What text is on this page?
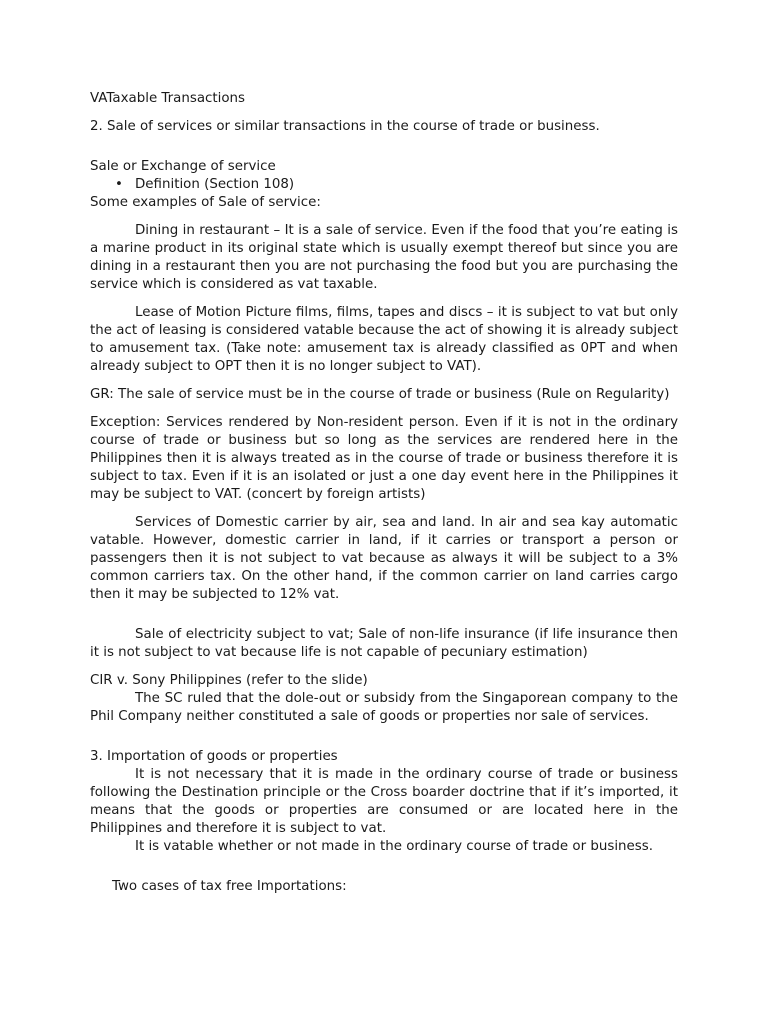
VATaxable Transactions

2. Sale of services or similar transactions in the course of trade or business.

Sale or Exchange of service

• Definition (Section 108)

Some examples of Sale of service:

Dining in restaurant – It is a sale of service. Even if the food that you’re eating is a marine product in its original state which is usually exempt thereof but since you are dining in a restaurant then you are not purchasing the food but you are purchasing the service which is considered as vat taxable.

Lease of Motion Picture films, films, tapes and discs – it is subject to vat but only the act of leasing is considered vatable because the act of showing it is already subject to amusement tax. (Take note: amusement tax is already classified as 0PT and when already subject to OPT then it is no longer subject to VAT).

GR: The sale of service must be in the course of trade or business (Rule on Regularity)

Exception: Services rendered by Non-resident person. Even if it is not in the ordinary course of trade or business but so long as the services are rendered here in the Philippines then it is always treated as in the course of trade or business therefore it is subject to tax. Even if it is an isolated or just a one day event here in the Philippines it may be subject to VAT. (concert by foreign artists)

Services of Domestic carrier by air, sea and land. In air and sea kay automatic vatable. However, domestic carrier in land, if it carries or transport a person or passengers then it is not subject to vat because as always it will be subject to a 3% common carriers tax. On the other hand, if the common carrier on land carries cargo then it may be subjected to 12% vat.

Sale of electricity subject to vat; Sale of non-life insurance (if life insurance then it is not subject to vat because life is not capable of pecuniary estimation)

CIR v. Sony Philippines (refer to the slide)

The SC ruled that the dole-out or subsidy from the Singaporean company to the Phil Company neither constituted a sale of goods or properties nor sale of services.

3. Importation of goods or properties

It is not necessary that it is made in the ordinary course of trade or business following the Destination principle or the Cross boarder doctrine that if it’s imported, it means that the goods or properties are consumed or are located here in the Philippines and therefore it is subject to vat.

It is vatable whether or not made in the ordinary course of trade or business.

Two cases of tax free Importations:
